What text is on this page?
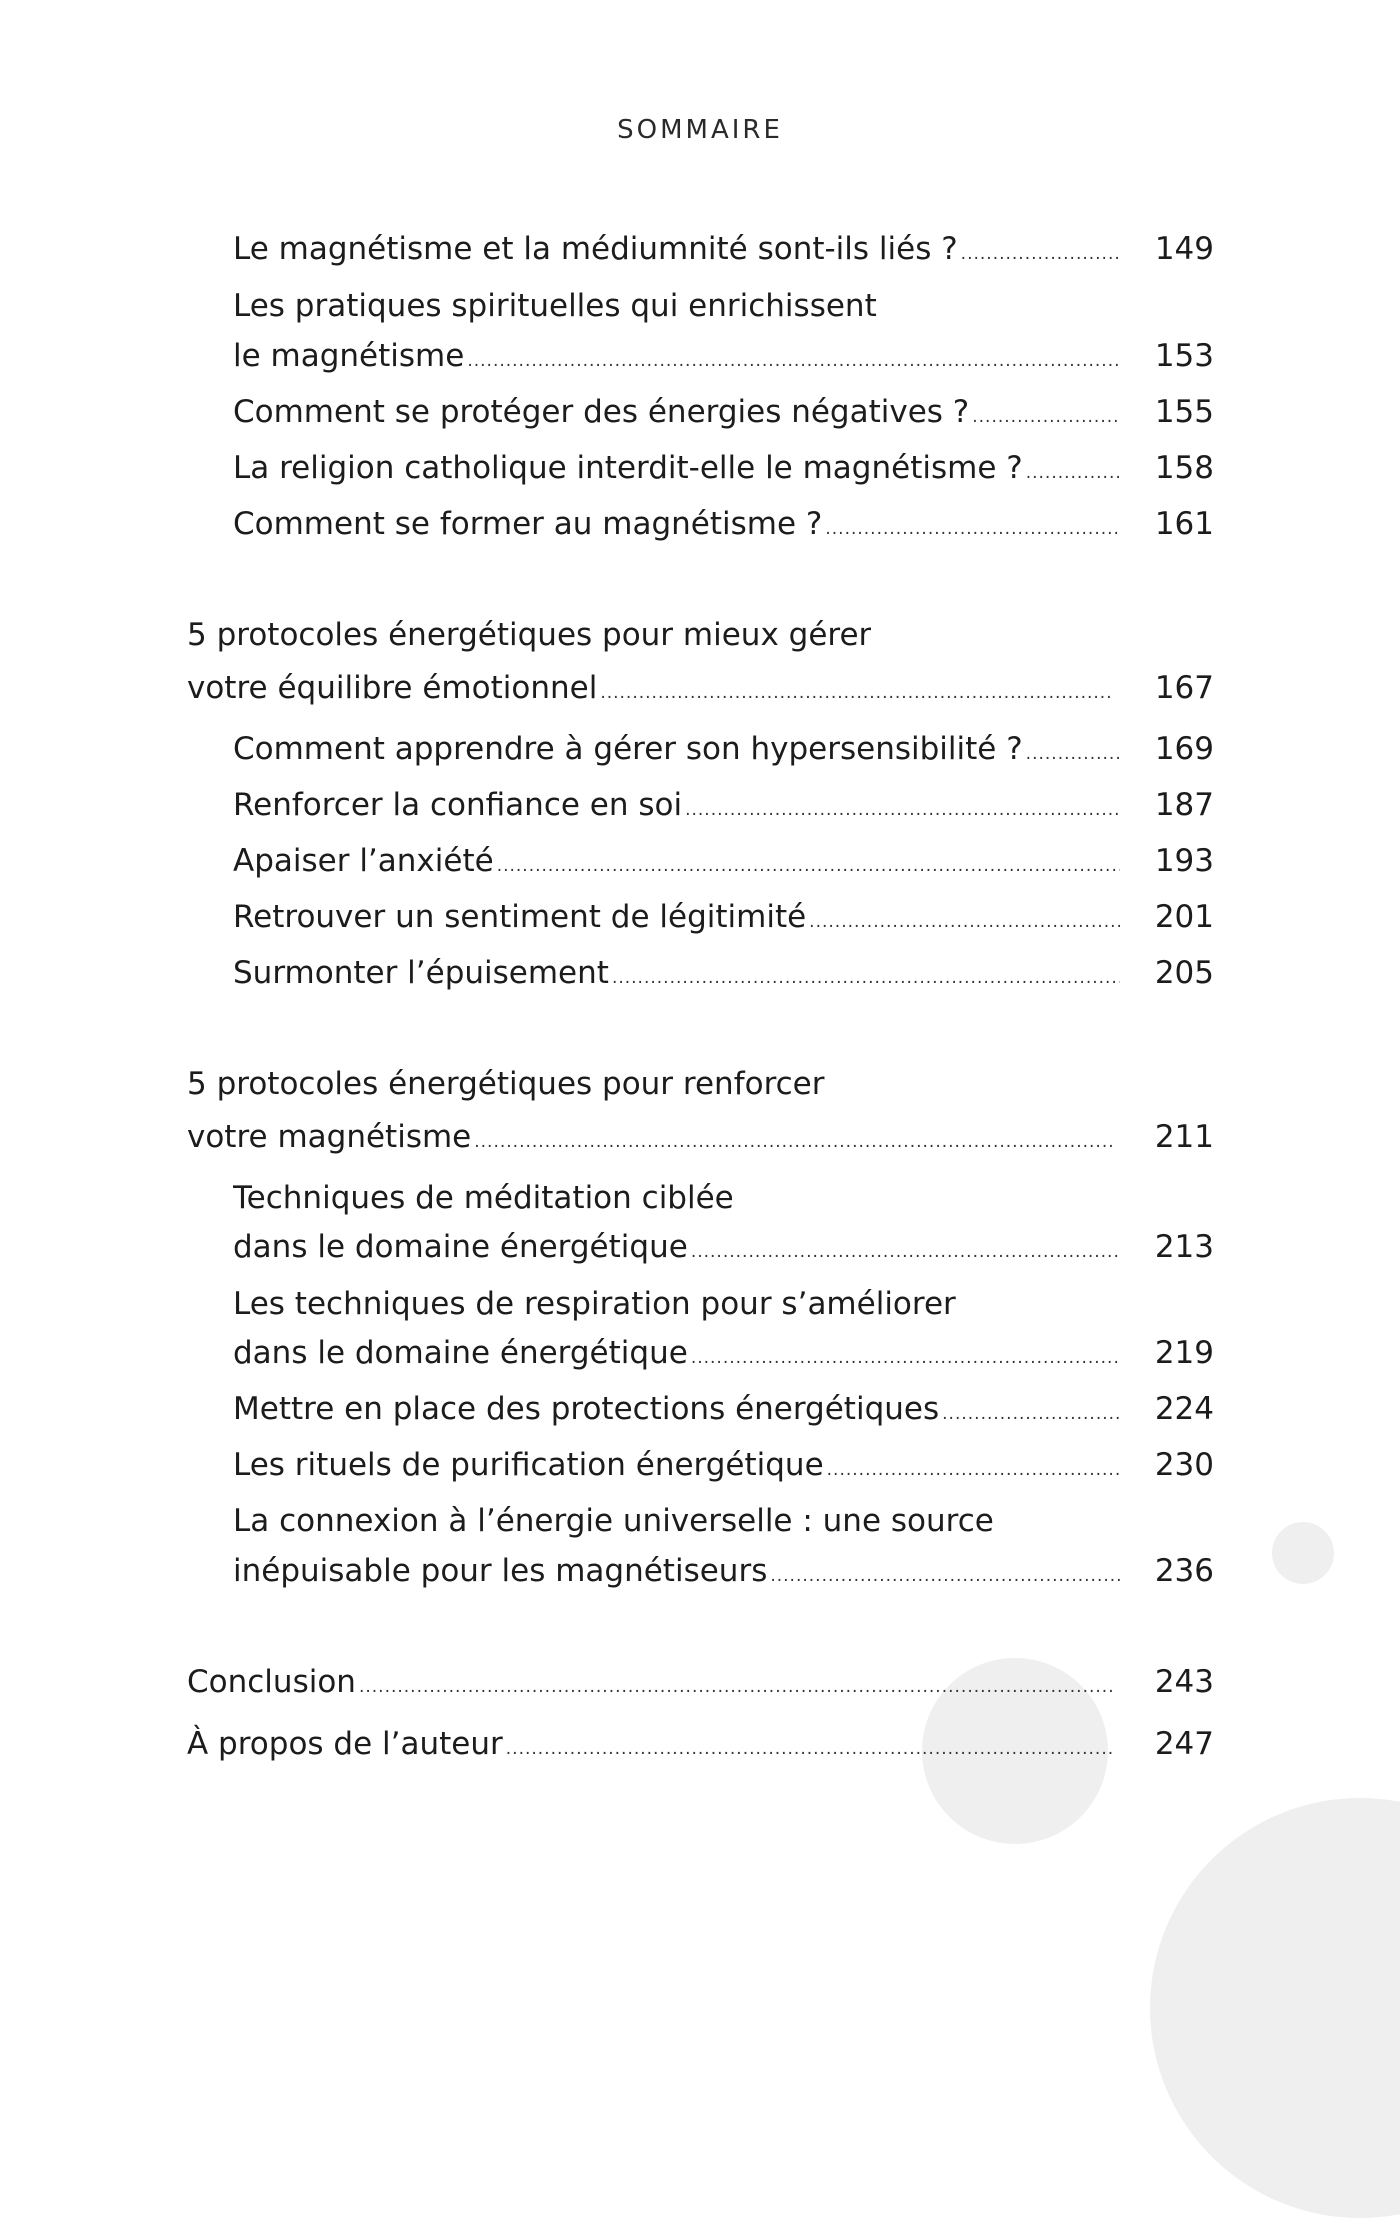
SOMMAIRE
Le magnétisme et la médiumnité sont-ils liés ? .....	149
Les pratiques spirituelles qui enrichissent
le magnétisme .....	153
Comment se protéger des énergies négatives ? .....	155
La religion catholique interdit-elle le magnétisme ? .....	158
Comment se former au magnétisme ? .....	161
5 protocoles énergétiques pour mieux gérer
votre équilibre émotionnel .....	167
Comment apprendre à gérer son hypersensibilité ? .....	169
Renforcer la confiance en soi .....	187
Apaiser l’anxiété .....	193
Retrouver un sentiment de légitimité .....	201
Surmonter l’épuisement .....	205
5 protocoles énergétiques pour renforcer
votre magnétisme .....	211
Techniques de méditation ciblée
dans le domaine énergétique .....	213
Les techniques de respiration pour s’améliorer
dans le domaine énergétique .....	219
Mettre en place des protections énergétiques .....	224
Les rituels de purification énergétique .....	230
La connexion à l’énergie universelle : une source
inépuisable pour les magnétiseurs .....	236
Conclusion .....	243
À propos de l’auteur .....	247
